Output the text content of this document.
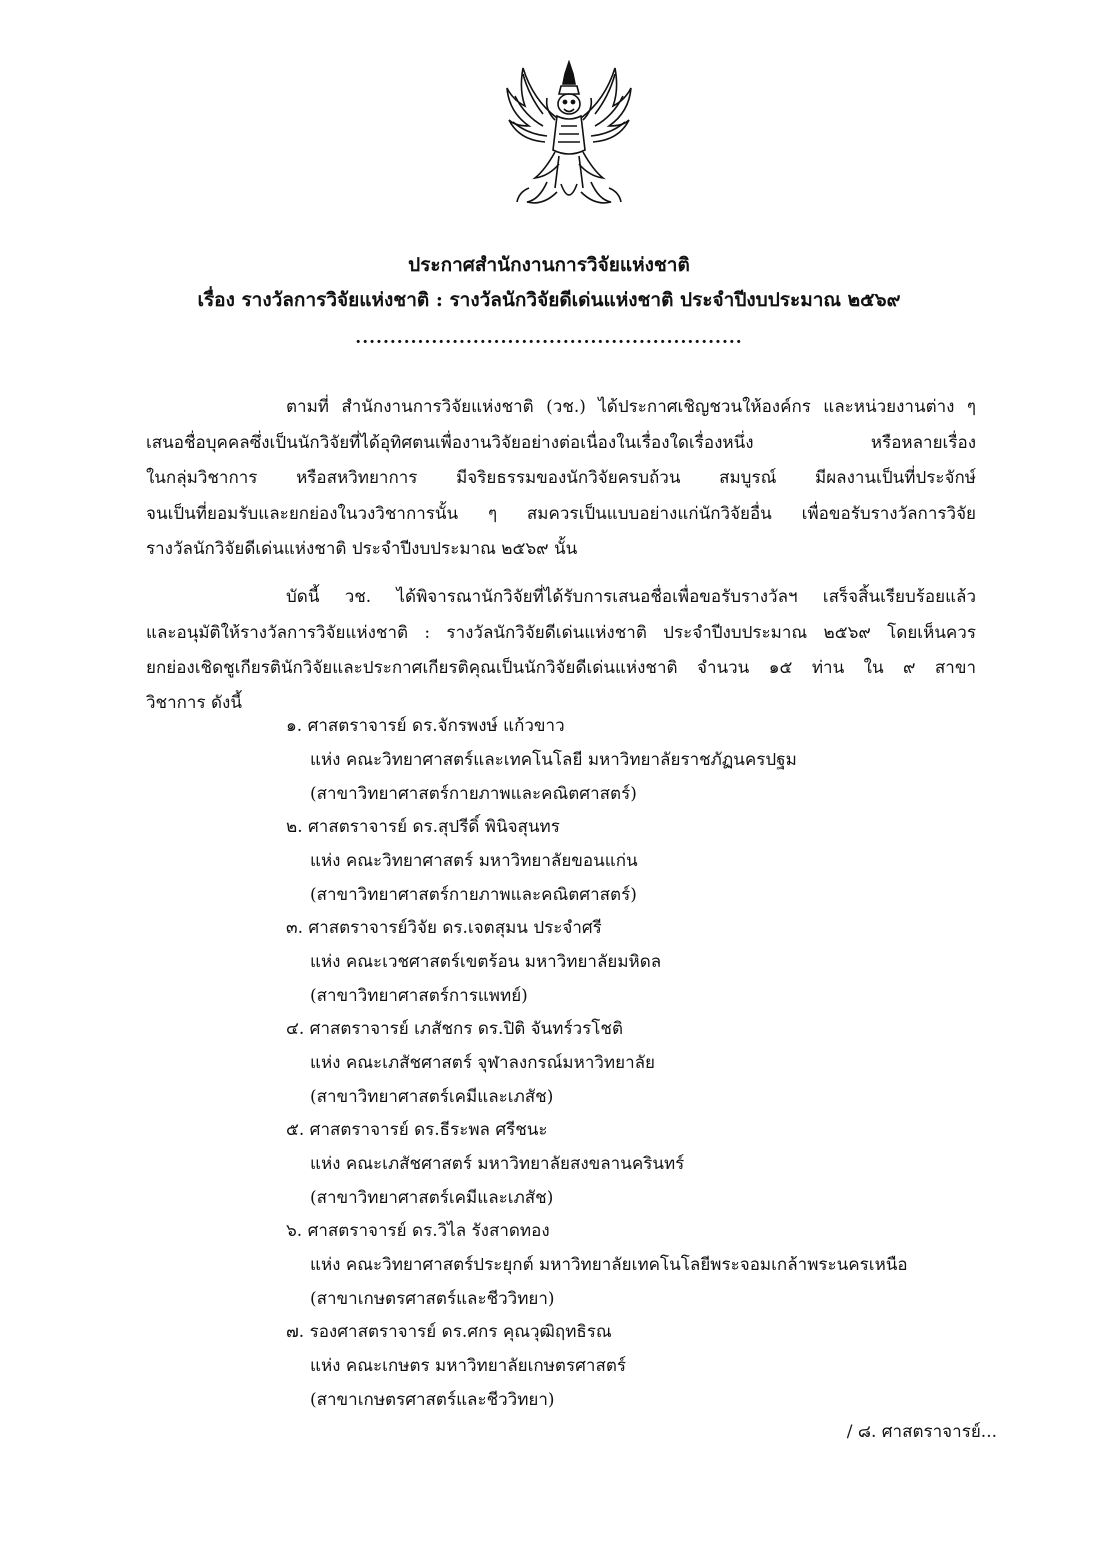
ประกาศสำนักงานการวิจัยแห่งชาติ
เรื่อง รางวัลการวิจัยแห่งชาติ : รางวัลนักวิจัยดีเด่นแห่งชาติ ประจำปีงบประมาณ ๒๕๖๙
........................................................
ตามที่ สำนักงานการวิจัยแห่งชาติ (วช.) ได้ประกาศเชิญชวนให้องค์กร และหน่วยงานต่าง ๆ
เสนอชื่อบุคคลซึ่งเป็นนักวิจัยที่ได้อุทิศตนเพื่องานวิจัยอย่างต่อเนื่องในเรื่องใดเรื่องหนึ่ง หรือหลายเรื่อง
ในกลุ่มวิชาการ หรือสหวิทยาการ มีจริยธรรมของนักวิจัยครบถ้วน สมบูรณ์ มีผลงานเป็นที่ประจักษ์
จนเป็นที่ยอมรับและยกย่องในวงวิชาการนั้น ๆ สมควรเป็นแบบอย่างแก่นักวิจัยอื่น เพื่อขอรับรางวัลการวิจัย
รางวัลนักวิจัยดีเด่นแห่งชาติ ประจำปีงบประมาณ ๒๕๖๙ นั้น
บัดนี้ วช. ได้พิจารณานักวิจัยที่ได้รับการเสนอชื่อเพื่อขอรับรางวัลฯ เสร็จสิ้นเรียบร้อยแล้ว
และอนุมัติให้รางวัลการวิจัยแห่งชาติ : รางวัลนักวิจัยดีเด่นแห่งชาติ ประจำปีงบประมาณ ๒๕๖๙ โดยเห็นควร
ยกย่องเชิดชูเกียรตินักวิจัยและประกาศเกียรติคุณเป็นนักวิจัยดีเด่นแห่งชาติ จำนวน ๑๕ ท่าน ใน ๙ สาขา
วิชาการ ดังนี้
๑. ศาสตราจารย์ ดร.จักรพงษ์ แก้วขาว
แห่ง คณะวิทยาศาสตร์และเทคโนโลยี มหาวิทยาลัยราชภัฏนครปฐม
(สาขาวิทยาศาสตร์กายภาพและคณิตศาสตร์)
๒. ศาสตราจารย์ ดร.สุปรีดิ์ พินิจสุนทร
แห่ง คณะวิทยาศาสตร์ มหาวิทยาลัยขอนแก่น
(สาขาวิทยาศาสตร์กายภาพและคณิตศาสตร์)
๓. ศาสตราจารย์วิจัย ดร.เจตสุมน ประจำศรี
แห่ง คณะเวชศาสตร์เขตร้อน มหาวิทยาลัยมหิดล
(สาขาวิทยาศาสตร์การแพทย์)
๔. ศาสตราจารย์ เภสัชกร ดร.ปิติ จันทร์วรโชติ
แห่ง คณะเภสัชศาสตร์ จุฬาลงกรณ์มหาวิทยาลัย
(สาขาวิทยาศาสตร์เคมีและเภสัช)
๕. ศาสตราจารย์ ดร.ธีระพล ศรีชนะ
แห่ง คณะเภสัชศาสตร์ มหาวิทยาลัยสงขลานครินทร์
(สาขาวิทยาศาสตร์เคมีและเภสัช)
๖. ศาสตราจารย์ ดร.วิไล รังสาดทอง
แห่ง คณะวิทยาศาสตร์ประยุกต์ มหาวิทยาลัยเทคโนโลยีพระจอมเกล้าพระนครเหนือ
(สาขาเกษตรศาสตร์และชีววิทยา)
๗. รองศาสตราจารย์ ดร.ศกร คุณวุฒิฤทธิรณ
แห่ง คณะเกษตร มหาวิทยาลัยเกษตรศาสตร์
(สาขาเกษตรศาสตร์และชีววิทยา)
/ ๘. ศาสตราจารย์...
